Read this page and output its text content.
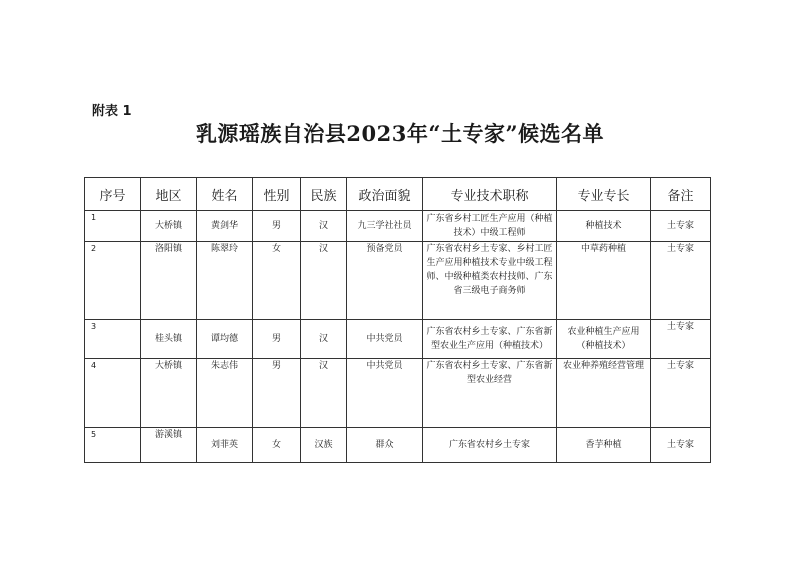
附表 1
乳源瑶族自治县2023年“土专家”候选名单
序号	地区	姓名	性别	民族	政治面貌	专业技术职称	专业专长	备注

1	大桥镇	黄剑华	男	汉	九三学社社员	广东省乡村工匠生产应用（种植技术）中级工程师	种植技术	土专家

2	洛阳镇	陈翠玲	女	汉	预备党员	广东省农村乡土专家、乡村工匠生产应用种植技术专业中级工程师、中级种植类农村技师、广东省三级电子商务师	中草药种植	土专家

3	桂头镇	谭均德	男	汉	中共党员	广东省农村乡土专家、广东省新型农业生产应用（种植技术）	农业种植生产应用（种植技术）	土专家

4	大桥镇	朱志伟	男	汉	中共党员	广东省农村乡土专家、广东省新型农业经营	农业种养殖经营管理	土专家

5	游溪镇	刘菲英	女	汉族	群众	广东省农村乡土专家	香芋种植	土专家
